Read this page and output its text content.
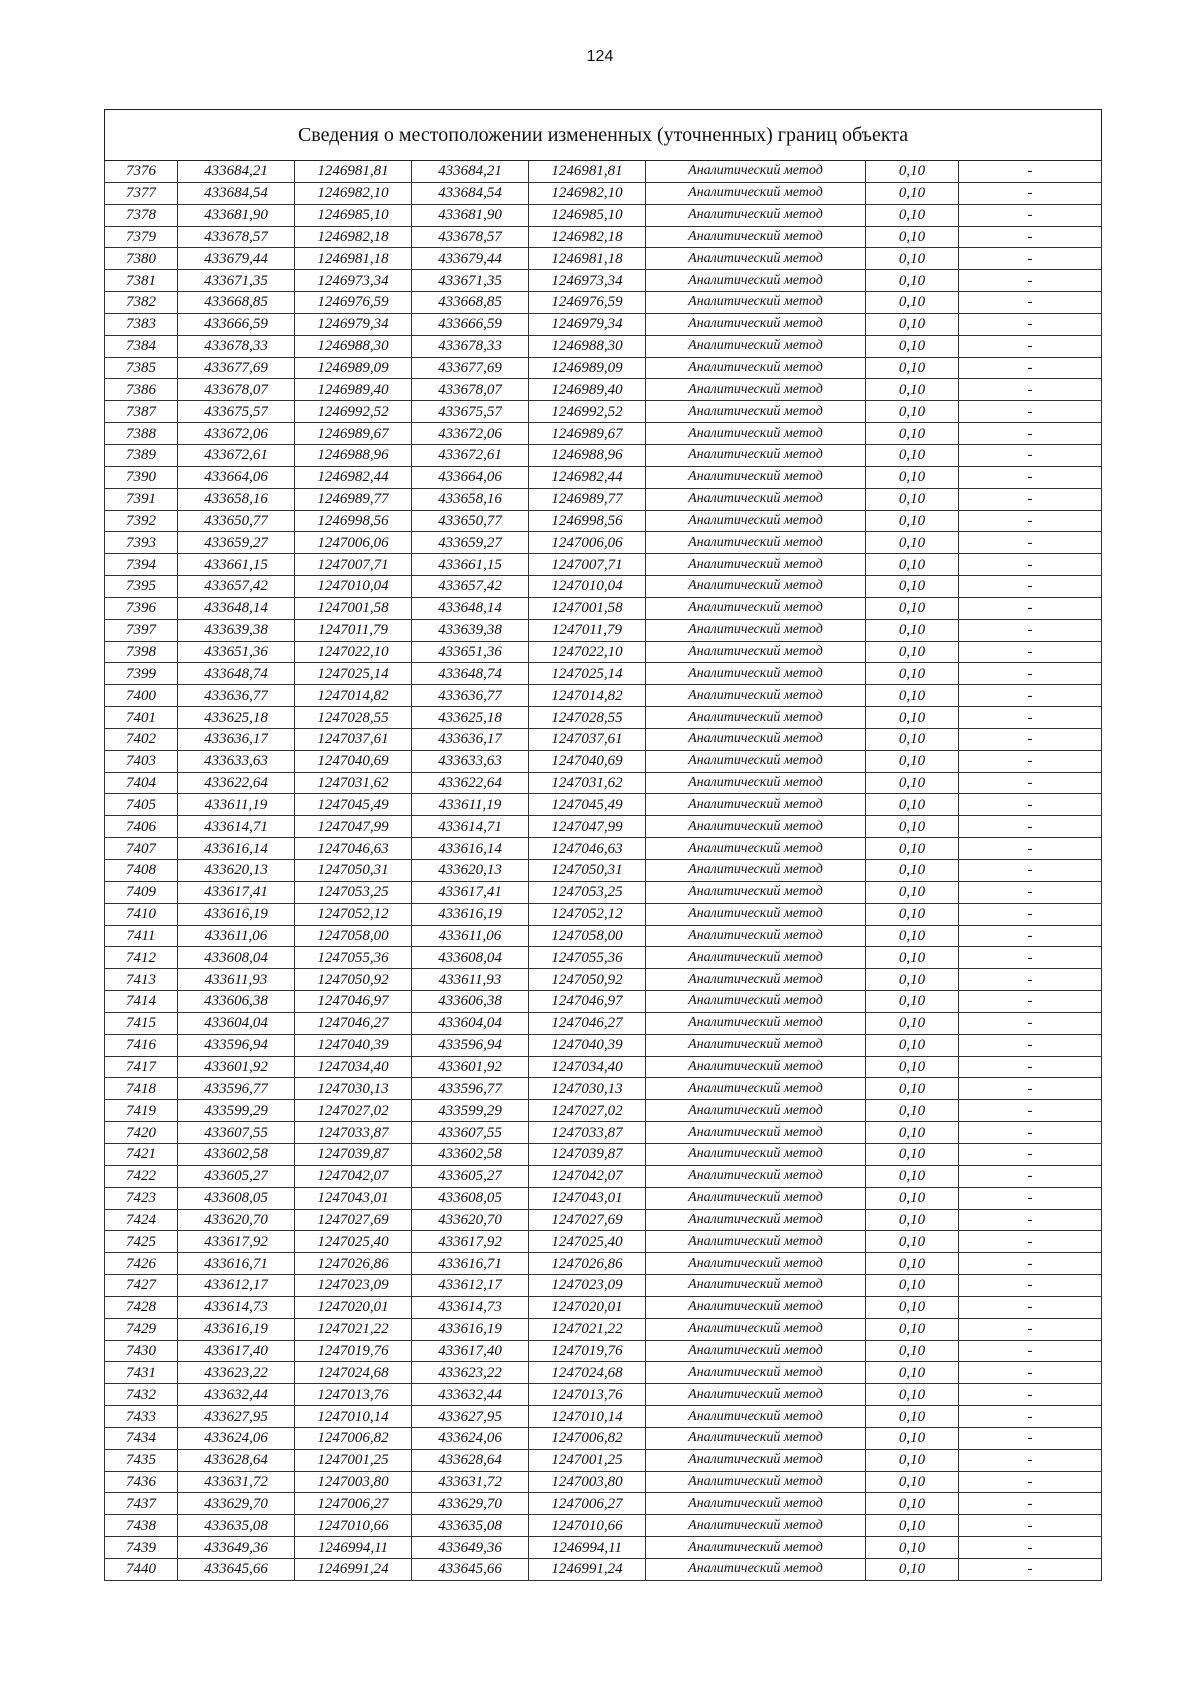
124
Сведения о местоположении измененных (уточненных) границ объекта							
7376	433684,21	1246981,81	433684,21	1246981,81	Аналитический метод	0,10	-
7377	433684,54	1246982,10	433684,54	1246982,10	Аналитический метод	0,10	-
7378	433681,90	1246985,10	433681,90	1246985,10	Аналитический метод	0,10	-
7379	433678,57	1246982,18	433678,57	1246982,18	Аналитический метод	0,10	-
7380	433679,44	1246981,18	433679,44	1246981,18	Аналитический метод	0,10	-
7381	433671,35	1246973,34	433671,35	1246973,34	Аналитический метод	0,10	-
7382	433668,85	1246976,59	433668,85	1246976,59	Аналитический метод	0,10	-
7383	433666,59	1246979,34	433666,59	1246979,34	Аналитический метод	0,10	-
7384	433678,33	1246988,30	433678,33	1246988,30	Аналитический метод	0,10	-
7385	433677,69	1246989,09	433677,69	1246989,09	Аналитический метод	0,10	-
7386	433678,07	1246989,40	433678,07	1246989,40	Аналитический метод	0,10	-
7387	433675,57	1246992,52	433675,57	1246992,52	Аналитический метод	0,10	-
7388	433672,06	1246989,67	433672,06	1246989,67	Аналитический метод	0,10	-
7389	433672,61	1246988,96	433672,61	1246988,96	Аналитический метод	0,10	-
7390	433664,06	1246982,44	433664,06	1246982,44	Аналитический метод	0,10	-
7391	433658,16	1246989,77	433658,16	1246989,77	Аналитический метод	0,10	-
7392	433650,77	1246998,56	433650,77	1246998,56	Аналитический метод	0,10	-
7393	433659,27	1247006,06	433659,27	1247006,06	Аналитический метод	0,10	-
7394	433661,15	1247007,71	433661,15	1247007,71	Аналитический метод	0,10	-
7395	433657,42	1247010,04	433657,42	1247010,04	Аналитический метод	0,10	-
7396	433648,14	1247001,58	433648,14	1247001,58	Аналитический метод	0,10	-
7397	433639,38	1247011,79	433639,38	1247011,79	Аналитический метод	0,10	-
7398	433651,36	1247022,10	433651,36	1247022,10	Аналитический метод	0,10	-
7399	433648,74	1247025,14	433648,74	1247025,14	Аналитический метод	0,10	-
7400	433636,77	1247014,82	433636,77	1247014,82	Аналитический метод	0,10	-
7401	433625,18	1247028,55	433625,18	1247028,55	Аналитический метод	0,10	-
7402	433636,17	1247037,61	433636,17	1247037,61	Аналитический метод	0,10	-
7403	433633,63	1247040,69	433633,63	1247040,69	Аналитический метод	0,10	-
7404	433622,64	1247031,62	433622,64	1247031,62	Аналитический метод	0,10	-
7405	433611,19	1247045,49	433611,19	1247045,49	Аналитический метод	0,10	-
7406	433614,71	1247047,99	433614,71	1247047,99	Аналитический метод	0,10	-
7407	433616,14	1247046,63	433616,14	1247046,63	Аналитический метод	0,10	-
7408	433620,13	1247050,31	433620,13	1247050,31	Аналитический метод	0,10	-
7409	433617,41	1247053,25	433617,41	1247053,25	Аналитический метод	0,10	-
7410	433616,19	1247052,12	433616,19	1247052,12	Аналитический метод	0,10	-
7411	433611,06	1247058,00	433611,06	1247058,00	Аналитический метод	0,10	-
7412	433608,04	1247055,36	433608,04	1247055,36	Аналитический метод	0,10	-
7413	433611,93	1247050,92	433611,93	1247050,92	Аналитический метод	0,10	-
7414	433606,38	1247046,97	433606,38	1247046,97	Аналитический метод	0,10	-
7415	433604,04	1247046,27	433604,04	1247046,27	Аналитический метод	0,10	-
7416	433596,94	1247040,39	433596,94	1247040,39	Аналитический метод	0,10	-
7417	433601,92	1247034,40	433601,92	1247034,40	Аналитический метод	0,10	-
7418	433596,77	1247030,13	433596,77	1247030,13	Аналитический метод	0,10	-
7419	433599,29	1247027,02	433599,29	1247027,02	Аналитический метод	0,10	-
7420	433607,55	1247033,87	433607,55	1247033,87	Аналитический метод	0,10	-
7421	433602,58	1247039,87	433602,58	1247039,87	Аналитический метод	0,10	-
7422	433605,27	1247042,07	433605,27	1247042,07	Аналитический метод	0,10	-
7423	433608,05	1247043,01	433608,05	1247043,01	Аналитический метод	0,10	-
7424	433620,70	1247027,69	433620,70	1247027,69	Аналитический метод	0,10	-
7425	433617,92	1247025,40	433617,92	1247025,40	Аналитический метод	0,10	-
7426	433616,71	1247026,86	433616,71	1247026,86	Аналитический метод	0,10	-
7427	433612,17	1247023,09	433612,17	1247023,09	Аналитический метод	0,10	-
7428	433614,73	1247020,01	433614,73	1247020,01	Аналитический метод	0,10	-
7429	433616,19	1247021,22	433616,19	1247021,22	Аналитический метод	0,10	-
7430	433617,40	1247019,76	433617,40	1247019,76	Аналитический метод	0,10	-
7431	433623,22	1247024,68	433623,22	1247024,68	Аналитический метод	0,10	-
7432	433632,44	1247013,76	433632,44	1247013,76	Аналитический метод	0,10	-
7433	433627,95	1247010,14	433627,95	1247010,14	Аналитический метод	0,10	-
7434	433624,06	1247006,82	433624,06	1247006,82	Аналитический метод	0,10	-
7435	433628,64	1247001,25	433628,64	1247001,25	Аналитический метод	0,10	-
7436	433631,72	1247003,80	433631,72	1247003,80	Аналитический метод	0,10	-
7437	433629,70	1247006,27	433629,70	1247006,27	Аналитический метод	0,10	-
7438	433635,08	1247010,66	433635,08	1247010,66	Аналитический метод	0,10	-
7439	433649,36	1246994,11	433649,36	1246994,11	Аналитический метод	0,10	-
7440	433645,66	1246991,24	433645,66	1246991,24	Аналитический метод	0,10	-
